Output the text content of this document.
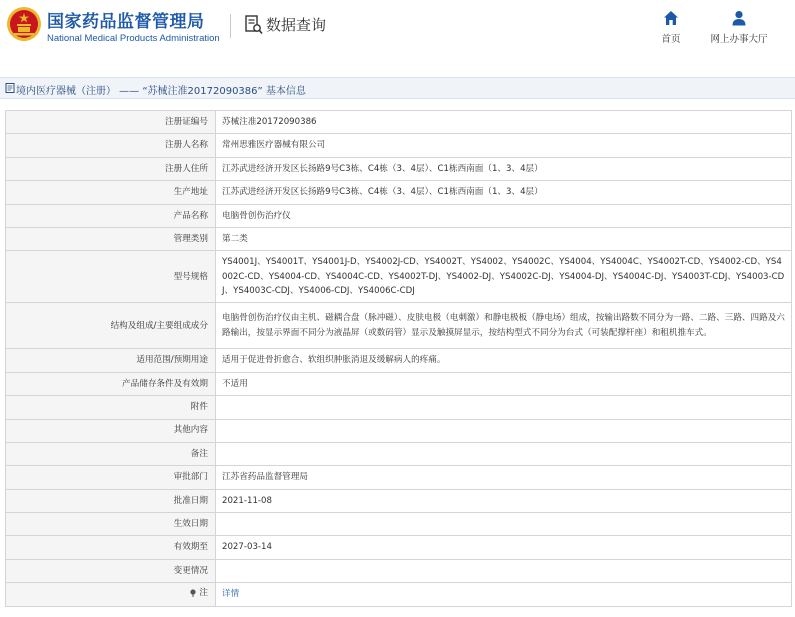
国家药品监督管理局
National Medical Products Administration
数据查询
首页	网上办事大厅
境内医疗器械（注册） —— “苏械注准20172090386” 基本信息
注册证编号	苏械注准20172090386
注册人名称	常州思雅医疗器械有限公司
注册人住所	江苏武进经济开发区长扬路9号C3栋、C4栋（3、4层）、C1栋西南面（1、3、4层）
生产地址	江苏武进经济开发区长扬路9号C3栋、C4栋（3、4层）、C1栋西南面（1、3、4层）
产品名称	电脑骨创伤治疗仪
管理类别	第二类
型号规格	YS4001J、YS4001T、YS4001J-D、YS4002J-CD、YS4002T、YS4002、YS4002C、YS4004、YS4004C、YS4002T-CD、YS4002-CD、YS4002C-CD、YS4004-CD、YS4004C-CD、YS4002T-DJ、YS4002-DJ、YS4002C-DJ、YS4004-DJ、YS4004C-DJ、YS4003T-CDJ、YS4003-CDJ、YS4003C-CDJ、YS4006-CDJ、YS4006C-CDJ
结构及组成/主要组成成分	电脑骨创伤治疗仪由主机、磁耦合盘（脉冲磁）、皮肤电极（电刺激）和静电极板（静电场）组成，按输出路数不同分为一路、二路、三路、四路及六路输出，按显示界面不同分为液晶屏（或数码管）显示及触摸屏显示，按结构型式不同分为台式（可装配撑杆座）和租机推车式。
适用范围/预期用途	适用于促进骨折愈合、软组织肿胀消退及缓解病人的疼痛。
产品储存条件及有效期	不适用
附件	
其他内容	
备注	
审批部门	江苏省药品监督管理局
批准日期	2021-11-08
生效日期	
有效期至	2027-03-14
变更情况	

注	详情
